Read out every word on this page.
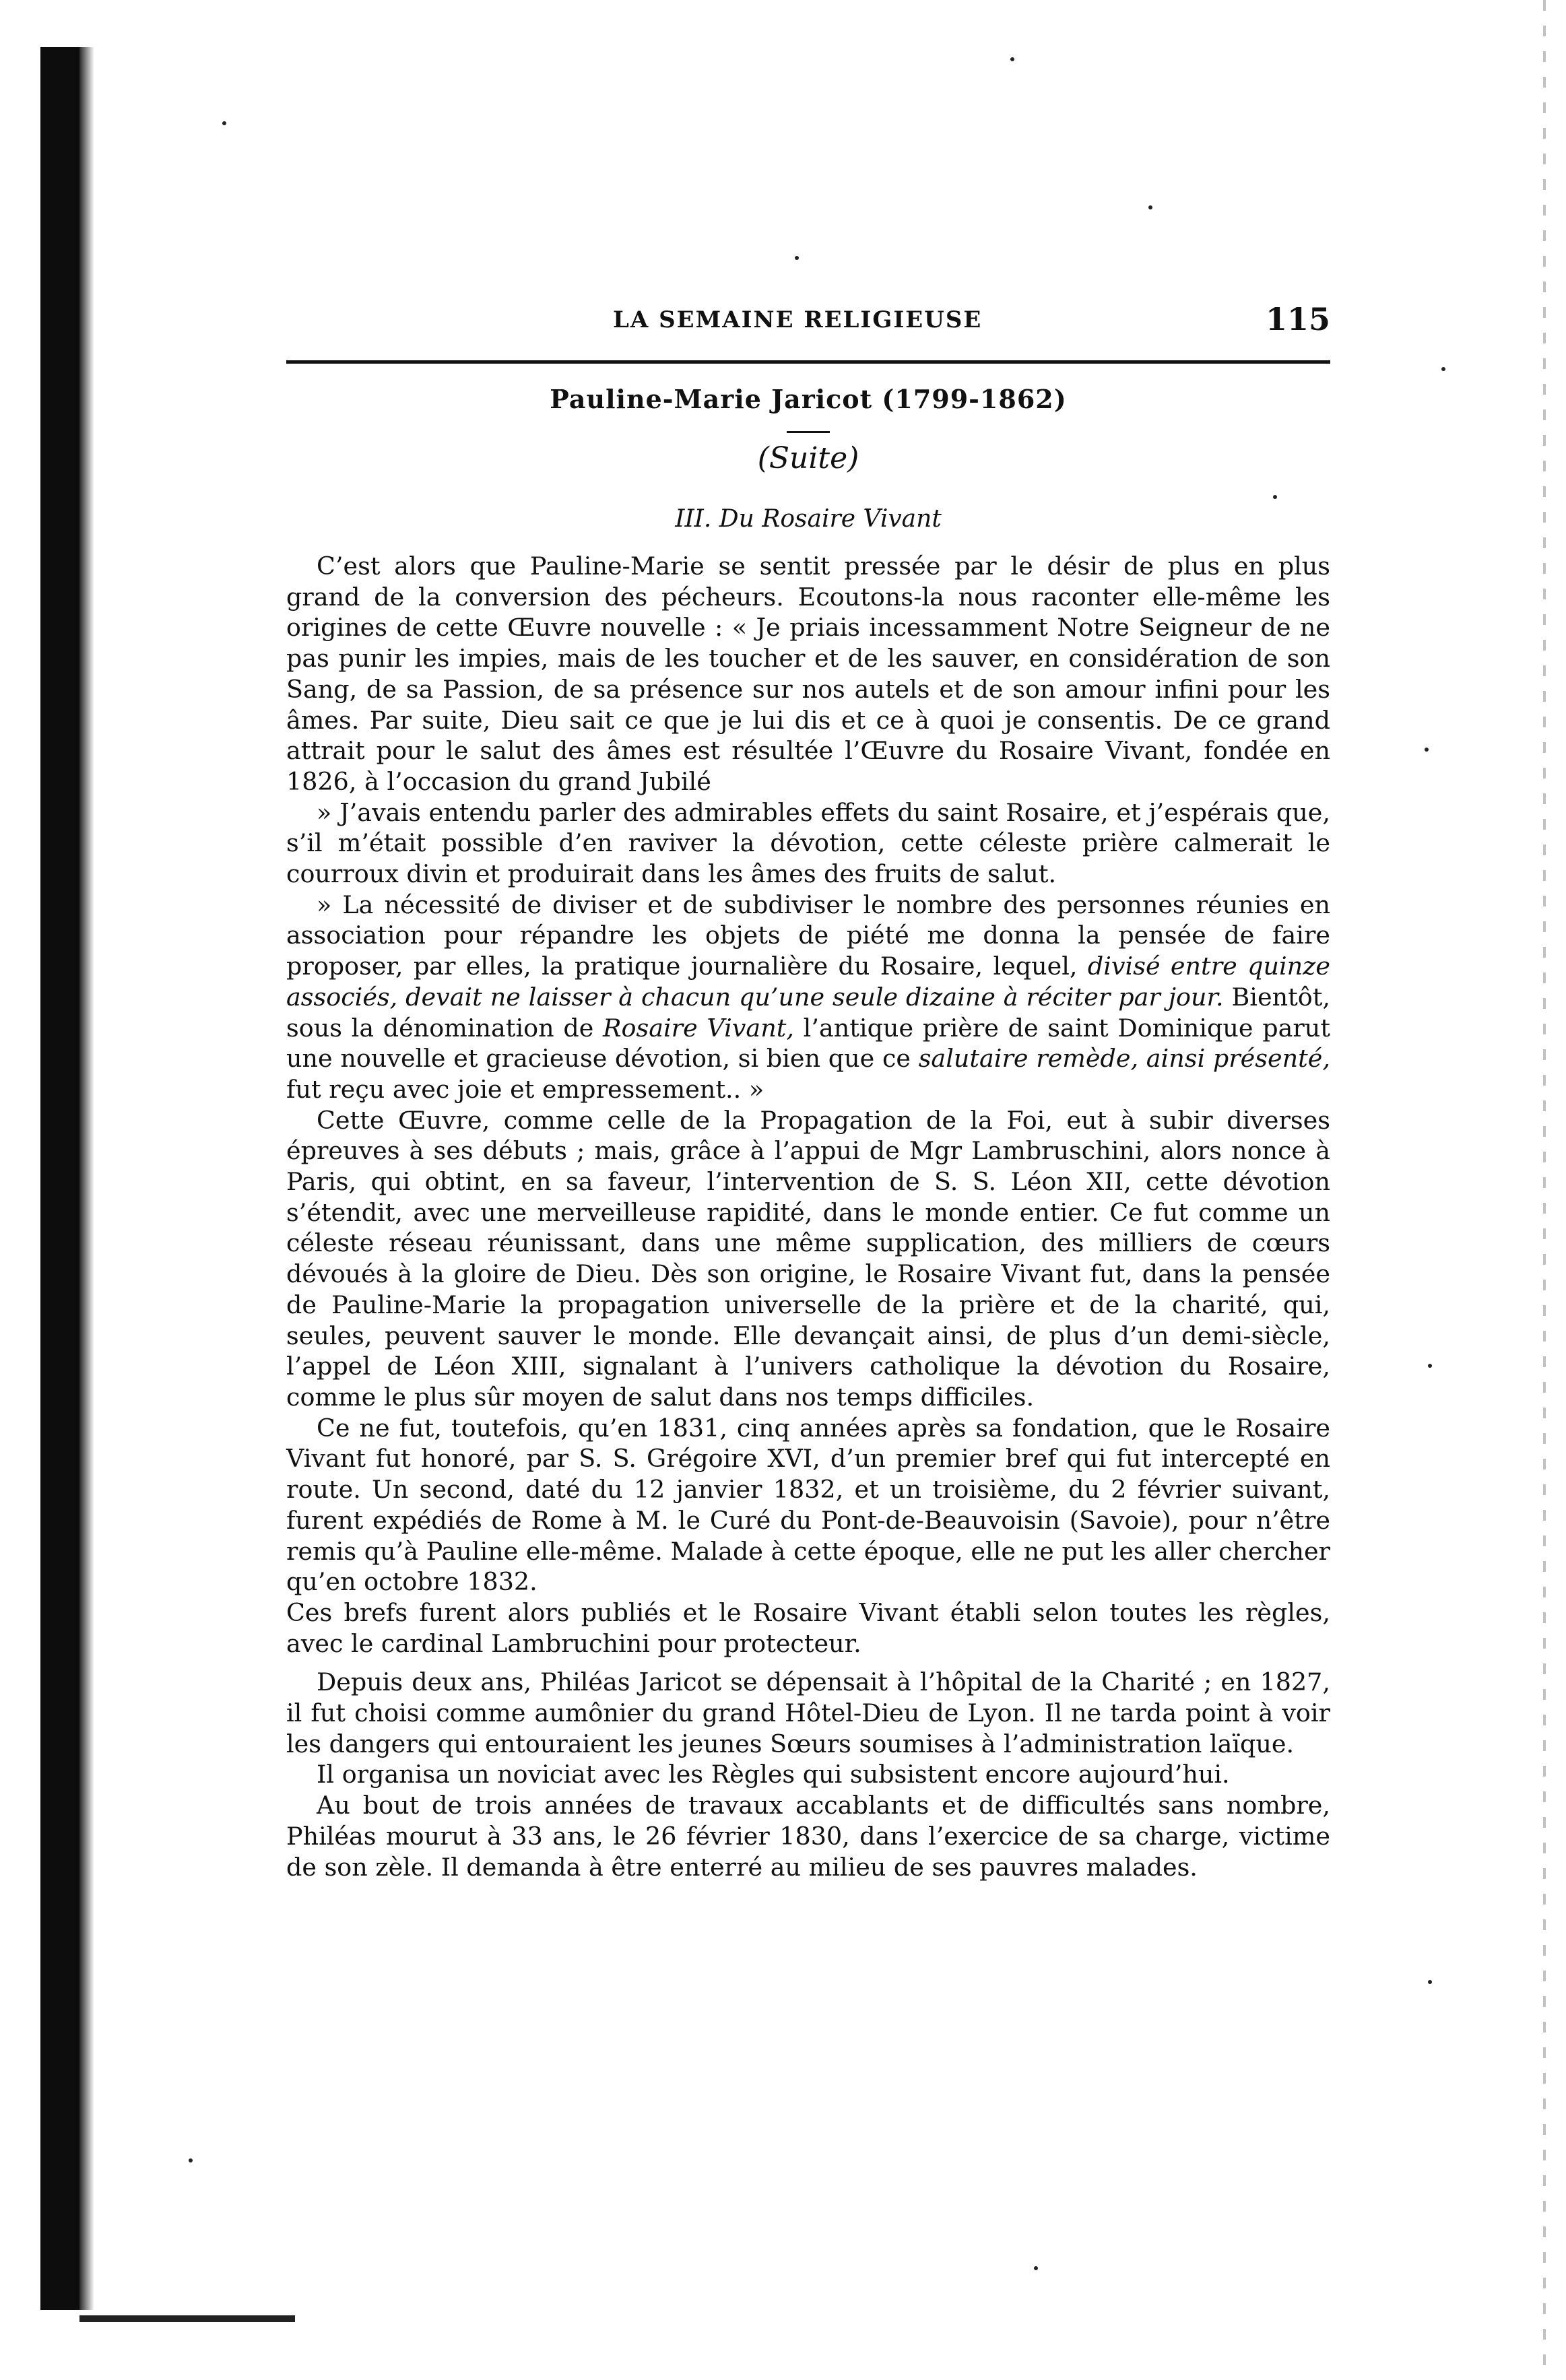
LA SEMAINE RELIGIEUSE	115
Pauline-Marie Jaricot (1799-1862)
(Suite)
III. Du Rosaire Vivant

C’est alors que Pauline-Marie se sentit pressée par le désir de plus en plus grand de la conversion des pécheurs. Ecoutons-la nous raconter elle-même les origines de cette Œuvre nouvelle : « Je priais incessamment Notre Seigneur de ne pas punir les impies, mais de les toucher et de les sauver, en considération de son Sang, de sa Passion, de sa présence sur nos autels et de son amour infini pour les âmes. Par suite, Dieu sait ce que je lui dis et ce à quoi je consentis. De ce grand attrait pour le salut des âmes est résultée l’Œuvre du Rosaire Vivant, fondée en 1826, à l’occasion du grand Jubilé

» J’avais entendu parler des admirables effets du saint Rosaire, et j’espérais que, s’il m’était possible d’en raviver la dévotion, cette céleste prière calmerait le courroux divin et produirait dans les âmes des fruits de salut.

» La nécessité de diviser et de subdiviser le nombre des personnes réunies en association pour répandre les objets de piété me donna la pensée de faire proposer, par elles, la pratique journalière du Rosaire, lequel, divisé entre quinze associés, devait ne laisser à chacun qu’une seule dizaine à réciter par jour. Bientôt, sous la dénomination de Rosaire Vivant, l’antique prière de saint Dominique parut une nouvelle et gracieuse dévotion, si bien que ce salutaire remède, ainsi présenté, fut reçu avec joie et empressement.. »

Cette Œuvre, comme celle de la Propagation de la Foi, eut à subir diverses épreuves à ses débuts ; mais, grâce à l’appui de Mgr Lambruschini, alors nonce à Paris, qui obtint, en sa faveur, l’intervention de S. S. Léon XII, cette dévotion s’étendit, avec une merveilleuse rapidité, dans le monde entier. Ce fut comme un céleste réseau réunissant, dans une même supplication, des milliers de cœurs dévoués à la gloire de Dieu. Dès son origine, le Rosaire Vivant fut, dans la pensée de Pauline-Marie la propagation universelle de la prière et de la charité, qui, seules, peuvent sauver le monde. Elle devançait ainsi, de plus d’un demi-siècle, l’appel de Léon XIII, signalant à l’univers catholique la dévotion du Rosaire, comme le plus sûr moyen de salut dans nos temps difficiles.

Ce ne fut, toutefois, qu’en 1831, cinq années après sa fondation, que le Rosaire Vivant fut honoré, par S. S. Grégoire XVI, d’un premier bref qui fut intercepté en route. Un second, daté du 12 janvier 1832, et un troisième, du 2 février suivant, furent expédiés de Rome à M. le Curé du Pont-de-Beauvoisin (Savoie), pour n’être remis qu’à Pauline elle-même. Malade à cette époque, elle ne put les aller chercher qu’en octobre 1832.

Ces brefs furent alors publiés et le Rosaire Vivant établi selon toutes les règles, avec le cardinal Lambruchini pour protecteur.

Depuis deux ans, Philéas Jaricot se dépensait à l’hôpital de la Charité ; en 1827, il fut choisi comme aumônier du grand Hôtel-Dieu de Lyon. Il ne tarda point à voir les dangers qui entouraient les jeunes Sœurs soumises à l’administration laïque.

Il organisa un noviciat avec les Règles qui subsistent encore aujourd’hui.

Au bout de trois années de travaux accablants et de difficultés sans nombre, Philéas mourut à 33 ans, le 26 février 1830, dans l’exercice de sa charge, victime de son zèle. Il demanda à être enterré au milieu de ses pauvres malades.
